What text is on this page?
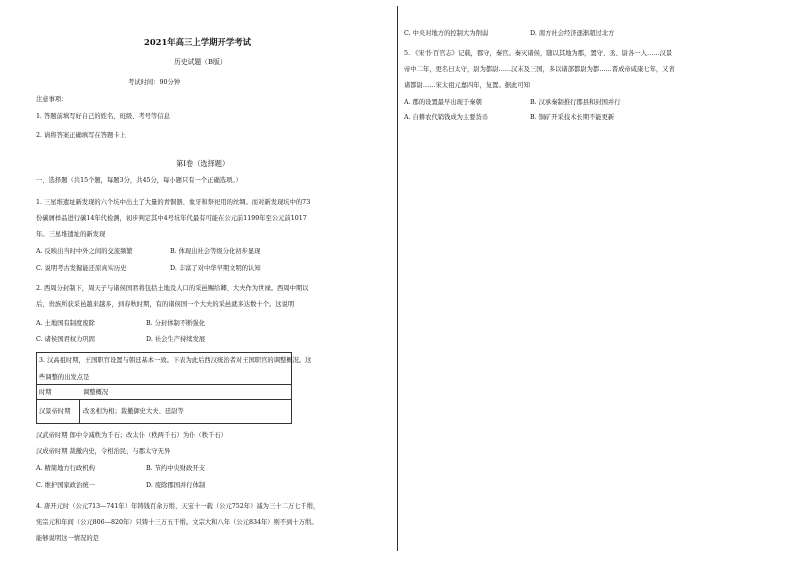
2021年高三上学期开学考试
历史试题（B版）
考试时间：90分钟
注意事项：
1. 答题前填写好自己的姓名、班级、考号等信息
2. 请将答案正确填写在答题卡上
第Ⅰ卷（选择题）
一、选择题（共15个题，每题3分，共45分，每小题只有一个正确选项。）
1. 三星堆遗址新发现的六个坑中出土了大量的青铜器、象牙和祭祀用的丝绸。而对新发现坑中的73
份碳屑样品进行碳14年代检测，初步判定其中4号坑年代最有可能在公元前1199年至公元前1017
年。三星堆遗址的新发现
A. 反映出当时中外之间的交流频繁	B. 体现出社会等级分化初步显现
C. 说明考古发掘能还原真实历史	D. 丰富了对中华早期文明的认知
2. 西周分封制下，周天子与诸侯国君将包括土地及人口的采邑赐给卿、大夫作为世禄。西周中期以
后，贵族所获采邑越来越多，到春秋时期，有的诸侯国一个大夫的采邑就多达数十个。这说明
A. 土地国有制度废除	B. 分封体制不断强化
C. 诸侯国君权力巩固	D. 社会生产持续发展
3. 汉高祖时期，王国职官设置与朝廷基本一致。下表为此后西汉统治者对王国职官的调整概况。这
些调整的出发点是
时期	调整概况
汉景帝时期 改丞相为相；裁撤御史大夫、廷尉等
汉武帝时期 郎中令减秩为千石；改太仆（秩两千石）为仆（秩千石）
汉成帝时期 裁撤内史，令相治民，与郡太守无异
A. 精简地方行政机构	B. 节约中央财政开支
C. 维护国家政治统一	D. 废除郡国并行体制
4. 唐开元时（公元713—741年）年铸钱百余万缗，天宝十一载（公元752年）减为三十二万七千缗，
宪宗元和年间（公元806—820年）只铸十三万五千缗。文宗大和八年（公元834年）则不到十万缗。
能够说明这一情况的是
C. 中央对地方的控制大为削弱	D. 南方社会经济逐渐超过北方
5. 《宋书·百官志》记载，郡守，秦官。秦灭诸侯，随以其地为郡，置守、丞、尉各一人……汉景
帝中二年，更名曰太守，尉为都尉……汉末及三国，多以诸部都尉为都……晋成帝咸康七年，又省
诸都尉……宋太祖元嘉四年，复置。据此可知
A. 郡的设置最早出现于秦朝	B. 汉承秦制推行郡县和封国并行
A. 自耕农代销钱成为主要货币	B. 铜矿开采技术长期不能更新
